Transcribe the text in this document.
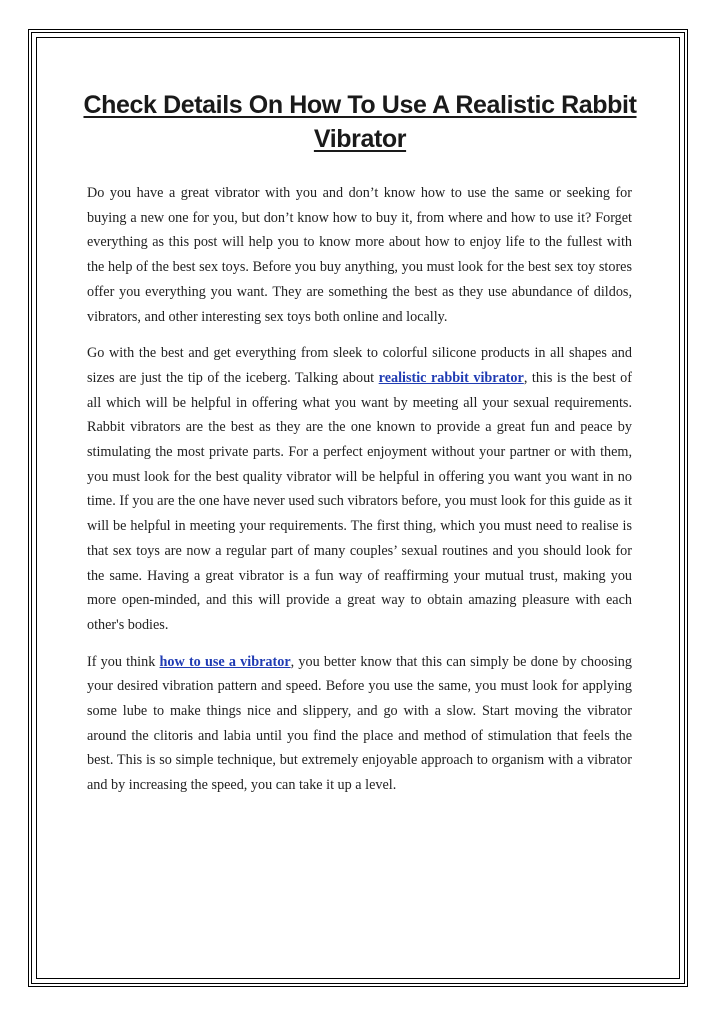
Check Details On How To Use A Realistic Rabbit Vibrator

Do you have a great vibrator with you and don’t know how to use the same or seeking for buying a new one for you, but don’t know how to buy it, from where and how to use it? Forget everything as this post will help you to know more about how to enjoy life to the fullest with the help of the best sex toys. Before you buy anything, you must look for the best sex toy stores offer you everything you want. They are something the best as they use abundance of dildos, vibrators, and other interesting sex toys both online and locally.

Go with the best and get everything from sleek to colorful silicone products in all shapes and sizes are just the tip of the iceberg. Talking about realistic rabbit vibrator, this is the best of all which will be helpful in offering what you want by meeting all your sexual requirements. Rabbit vibrators are the best as they are the one known to provide a great fun and peace by stimulating the most private parts. For a perfect enjoyment without your partner or with them, you must look for the best quality vibrator will be helpful in offering you want you want in no time. If you are the one have never used such vibrators before, you must look for this guide as it will be helpful in meeting your requirements. The first thing, which you must need to realise is that sex toys are now a regular part of many couples’ sexual routines and you should look for the same. Having a great vibrator is a fun way of reaffirming your mutual trust, making you more open-minded, and this will provide a great way to obtain amazing pleasure with each other's bodies.

If you think how to use a vibrator, you better know that this can simply be done by choosing your desired vibration pattern and speed. Before you use the same, you must look for applying some lube to make things nice and slippery, and go with a slow. Start moving the vibrator around the clitoris and labia until you find the place and method of stimulation that feels the best. This is so simple technique, but extremely enjoyable approach to organism with a vibrator and by increasing the speed, you can take it up a level.
